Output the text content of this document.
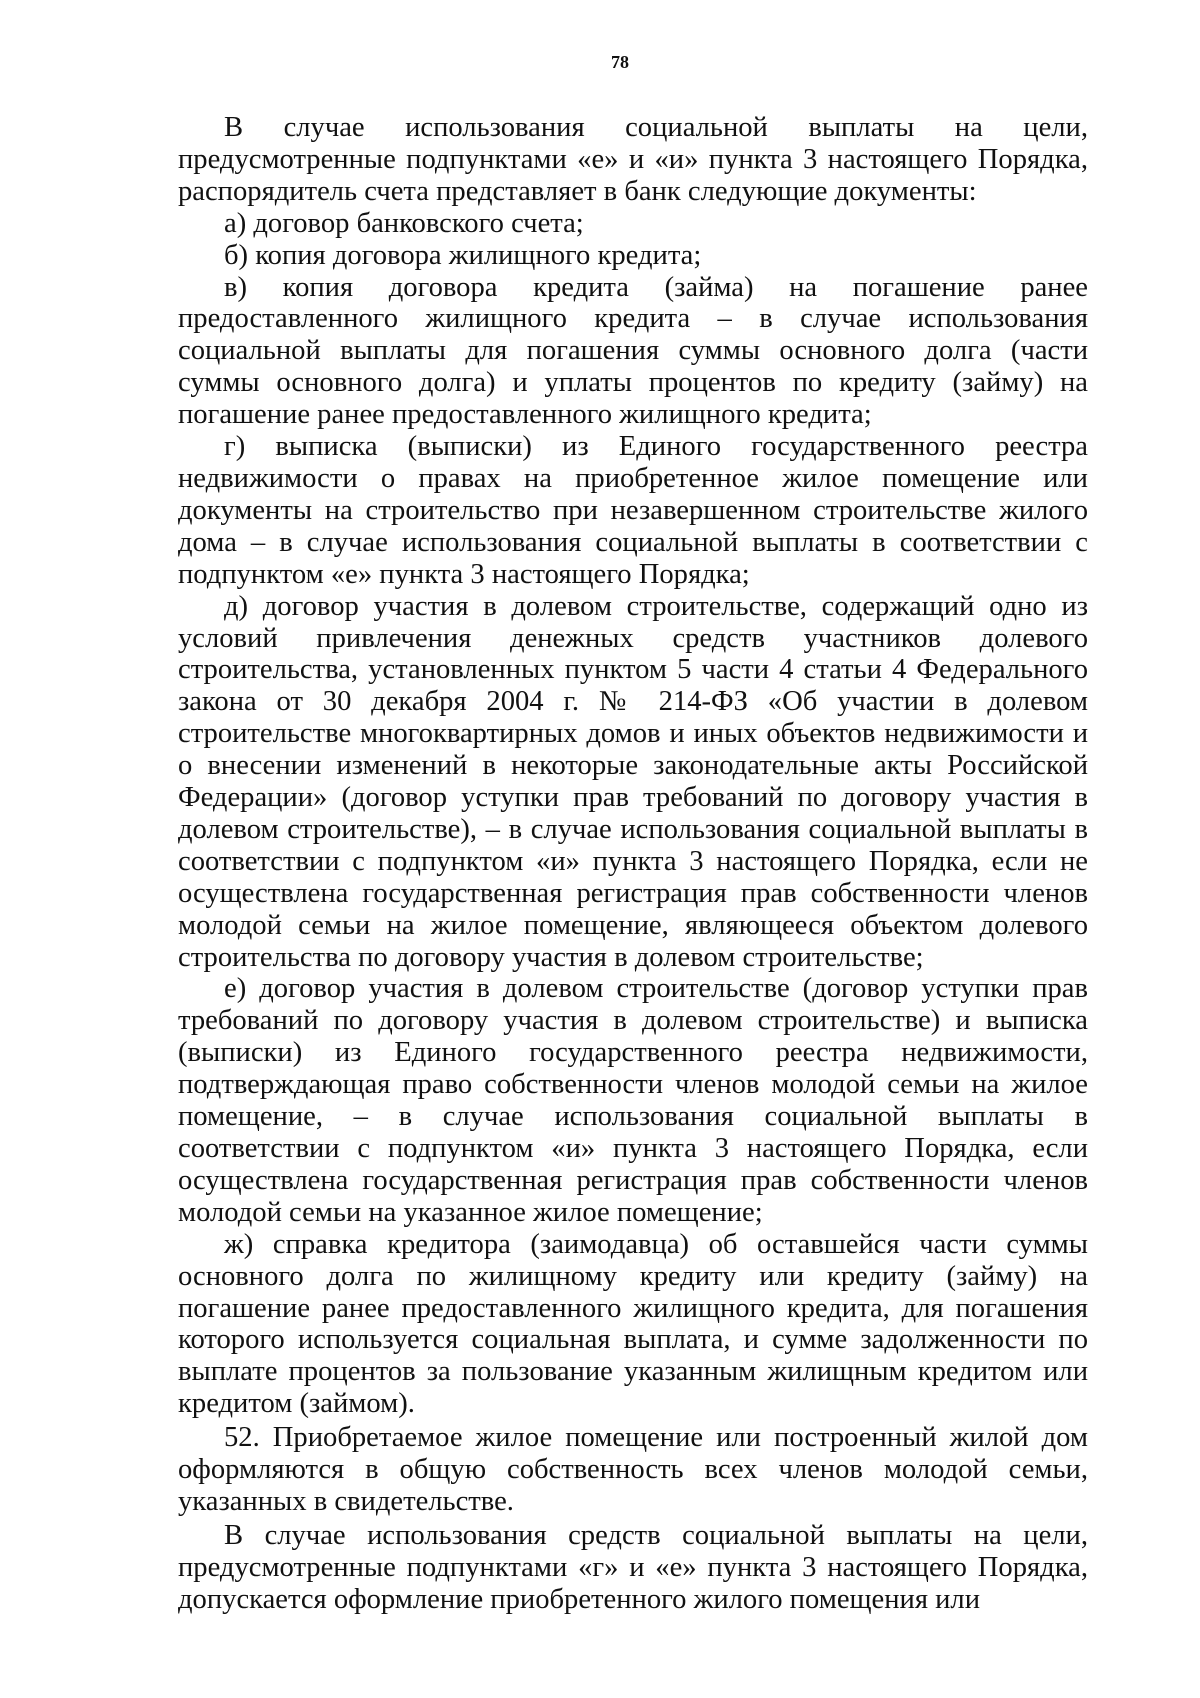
78

В случае использования социальной выплаты на цели, предусмотренные подпунктами «е» и «и» пункта 3 настоящего Порядка, распорядитель счета представляет в банк следующие документы:

а) договор банковского счета;

б) копия договора жилищного кредита;

в) копия договора кредита (займа) на погашение ранее предоставленного жилищного кредита – в случае использования социальной выплаты для погашения суммы основного долга (части суммы основного долга) и уплаты процентов по кредиту (займу) на погашение ранее предоставленного жилищного кредита;

г) выписка (выписки) из Единого государственного реестра недвижимости о правах на приобретенное жилое помещение или документы на строительство при незавершенном строительстве жилого дома – в случае использования социальной выплаты в соответствии с подпунктом «е» пункта 3 настоящего Порядка;

д) договор участия в долевом строительстве, содержащий одно из условий привлечения денежных средств участников долевого строительства, установленных пунктом 5 части 4 статьи 4 Федерального закона от 30 декабря 2004 г. № 214-ФЗ «Об участии в долевом строительстве многоквартирных домов и иных объектов недвижимости и о внесении изменений в некоторые законодательные акты Российской Федерации» (договор уступки прав требований по договору участия в долевом строительстве), – в случае использования социальной выплаты в соответствии с подпунктом «и» пункта 3 настоящего Порядка, если не осуществлена государственная регистрация прав собственности членов молодой семьи на жилое помещение, являющееся объектом долевого строительства по договору участия в долевом строительстве;

е) договор участия в долевом строительстве (договор уступки прав требований по договору участия в долевом строительстве) и выписка (выписки) из Единого государственного реестра недвижимости, подтверждающая право собственности членов молодой семьи на жилое помещение, – в случае использования социальной выплаты в соответствии с подпунктом «и» пункта 3 настоящего Порядка, если осуществлена государственная регистрация прав собственности членов молодой семьи на указанное жилое помещение;

ж) справка кредитора (заимодавца) об оставшейся части суммы основного долга по жилищному кредиту или кредиту (займу) на погашение ранее предоставленного жилищного кредита, для погашения которого используется социальная выплата, и сумме задолженности по выплате процентов за пользование указанным жилищным кредитом или кредитом (займом).

52. Приобретаемое жилое помещение или построенный жилой дом оформляются в общую собственность всех членов молодой семьи, указанных в свидетельстве.

В случае использования средств социальной выплаты на цели, предусмотренные подпунктами «г» и «е» пункта 3 настоящего Порядка, допускается оформление приобретенного жилого помещения или
